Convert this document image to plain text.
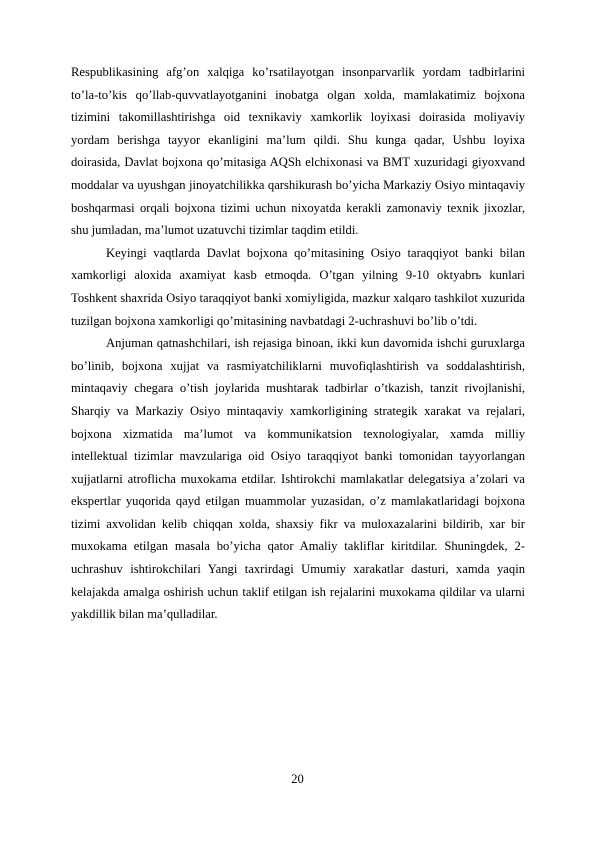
Respublikasining afg’on xalqiga ko’rsatilayotgan insonparvarlik yordam tadbirlarini to’la-to’kis qo’llab-quvvatlayotganini inobatga olgan xolda, mamlakatimiz bojxona tizimini takomillashtirishga oid texnikaviy xamkorlik loyixasi doirasida moliyaviy yordam berishga tayyor ekanligini ma’lum qildi. Shu kunga qadar, Ushbu loyixa doirasida, Davlat bojxona qo’mitasiga AQSh elchixonasi va BMT xuzuridagi giyoxvand moddalar va uyushgan jinoyatchilikka qarshikurash bo’yicha Markaziy Osiyo mintaqaviy boshqarmasi orqali bojxona tizimi uchun nixoyatda kerakli zamonaviy texnik jixozlar, shu jumladan, ma’lumot uzatuvchi tizimlar taqdim etildi.

Keyingi vaqtlarda Davlat bojxona qo’mitasining Osiyo taraqqiyot banki bilan xamkorligi aloxida axamiyat kasb etmoqda. O’tgan yilning 9-10 oktyabrь kunlari Toshkent shaxrida Osiyo taraqqiyot banki xomiyligida, mazkur xalqaro tashkilot xuzurida tuzilgan bojxona xamkorligi qo’mitasining navbatdagi 2-uchrashuvi bo’lib o’tdi.

Anjuman qatnashchilari, ish rejasiga binoan, ikki kun davomida ishchi guruxlarga bo’linib, bojxona xujjat va rasmiyatchiliklarni muvofiqlashtirish va soddalashtirish, mintaqaviy chegara o’tish joylarida mushtarak tadbirlar o’tkazish, tanzit rivojlanishi, Sharqiy va Markaziy Osiyo mintaqaviy xamkorligining strategik xarakat va rejalari, bojxona xizmatida ma’lumot va kommunikatsion texnologiyalar, xamda milliy intellektual tizimlar mavzulariga oid Osiyo taraqqiyot banki tomonidan tayyorlangan xujjatlarni atroflicha muxokama etdilar. Ishtirokchi mamlakatlar delegatsiya a’zolari va ekspertlar yuqorida qayd etilgan muammolar yuzasidan, o’z mamlakatlaridagi bojxona tizimi axvolidan kelib chiqqan xolda, shaxsiy fikr va muloxazalarini bildirib, xar bir muxokama etilgan masala bo’yicha qator Amaliy takliflar kiritdilar. Shuningdek, 2-uchrashuv ishtirokchilari Yangi taxrirdagi Umumiy xarakatlar dasturi, xamda yaqin kelajakda amalga oshirish uchun taklif etilgan ish rejalarini muxokama qildilar va ularni yakdillik bilan ma’qulladilar.

20
